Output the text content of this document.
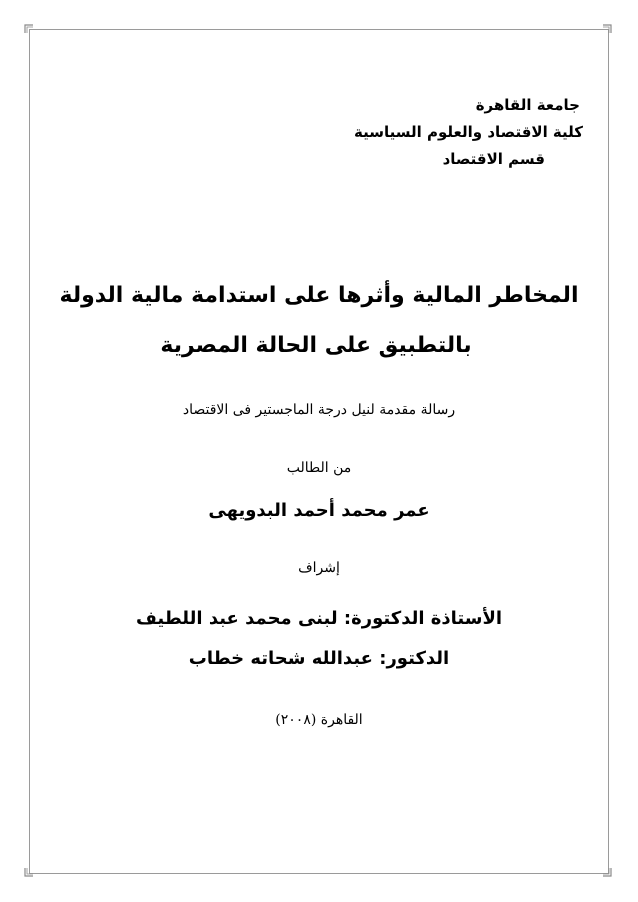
جامعة القاهرة
كلية الاقتصاد والعلوم السياسية
قسم الاقتصاد
المخاطر المالية وأثرها على استدامة مالية الدولة
بالتطبيق على الحالة المصرية
رسالة مقدمة لنيل درجة الماجستير فى الاقتصاد
من الطالب
عمر محمد أحمد البدويهى
إشراف
الأستاذة الدكتورة: لبنى محمد عبد اللطيف
الدكتور: عبدالله شحاته خطاب
القاهرة (٢٠٠٨)
